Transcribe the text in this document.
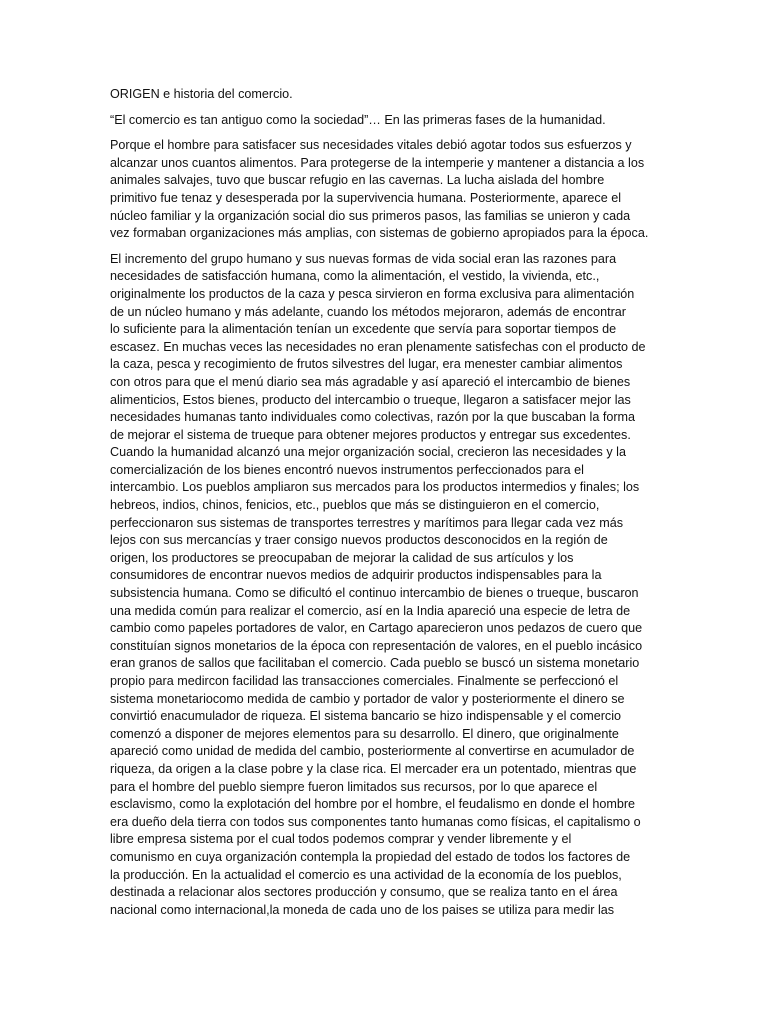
ORIGEN e historia del comercio.

“El comercio es tan antiguo como la sociedad”… En las primeras fases de la humanidad.

Porque el hombre para satisfacer sus necesidades vitales debió agotar todos sus esfuerzos y
alcanzar unos cuantos alimentos. Para protegerse de la intemperie y mantener a distancia a los
animales salvajes, tuvo que buscar refugio en las cavernas. La lucha aislada del hombre
primitivo fue tenaz y desesperada por la supervivencia humana. Posteriormente, aparece el
núcleo familiar y la organización social dio sus primeros pasos, las familias se unieron y cada
vez formaban organizaciones más amplias, con sistemas de gobierno apropiados para la época.

El incremento del grupo humano y sus nuevas formas de vida social eran las razones para
necesidades de satisfacción humana, como la alimentación, el vestido, la vivienda, etc.,
originalmente los productos de la caza y pesca sirvieron en forma exclusiva para alimentación
de un núcleo humano y más adelante, cuando los métodos mejoraron, además de encontrar
lo suficiente para la alimentación tenían un excedente que servía para soportar tiempos de
escasez. En muchas veces las necesidades no eran plenamente satisfechas con el producto de
la caza, pesca y recogimiento de frutos silvestres del lugar, era menester cambiar alimentos
con otros para que el menú diario sea más agradable y así apareció el intercambio de bienes
alimenticios, Estos bienes, producto del intercambio o trueque, llegaron a satisfacer mejor las
necesidades humanas tanto individuales como colectivas, razón por la que buscaban la forma
de mejorar el sistema de trueque para obtener mejores productos y entregar sus excedentes.
Cuando la humanidad alcanzó una mejor organización social, crecieron las necesidades y la
comercialización de los bienes encontró nuevos instrumentos perfeccionados para el
intercambio. Los pueblos ampliaron sus mercados para los productos intermedios y finales; los
hebreos, indios, chinos, fenicios, etc., pueblos que más se distinguieron en el comercio,
perfeccionaron sus sistemas de transportes terrestres y marítimos para llegar cada vez más
lejos con sus mercancías y traer consigo nuevos productos desconocidos en la región de
origen, los productores se preocupaban de mejorar la calidad de sus artículos y los
consumidores de encontrar nuevos medios de adquirir productos indispensables para la
subsistencia humana. Como se dificultó el continuo intercambio de bienes o trueque, buscaron
una medida común para realizar el comercio, así en la India apareció una especie de letra de
cambio como papeles portadores de valor, en Cartago aparecieron unos pedazos de cuero que
constituían signos monetarios de la época con representación de valores, en el pueblo incásico
eran granos de sallos que facilitaban el comercio. Cada pueblo se buscó un sistema monetario
propio para medircon facilidad las transacciones comerciales. Finalmente se perfeccionó el
sistema monetariocomo medida de cambio y portador de valor y posteriormente el dinero se
convirtió enacumulador de riqueza. El sistema bancario se hizo indispensable y el comercio
comenzó a disponer de mejores elementos para su desarrollo. El dinero, que originalmente
apareció como unidad de medida del cambio, posteriormente al convertirse en acumulador de
riqueza, da origen a la clase pobre y la clase rica. El mercader era un potentado, mientras que
para el hombre del pueblo siempre fueron limitados sus recursos, por lo que aparece el
esclavismo, como la explotación del hombre por el hombre, el feudalismo en donde el hombre
era dueño dela tierra con todos sus componentes tanto humanas como físicas, el capitalismo o
libre empresa sistema por el cual todos podemos comprar y vender libremente y el
comunismo en cuya organización contempla la propiedad del estado de todos los factores de
la producción. En la actualidad el comercio es una actividad de la economía de los pueblos,
destinada a relacionar alos sectores producción y consumo, que se realiza tanto en el área
nacional como internacional,la moneda de cada uno de los paises se utiliza para medir las
